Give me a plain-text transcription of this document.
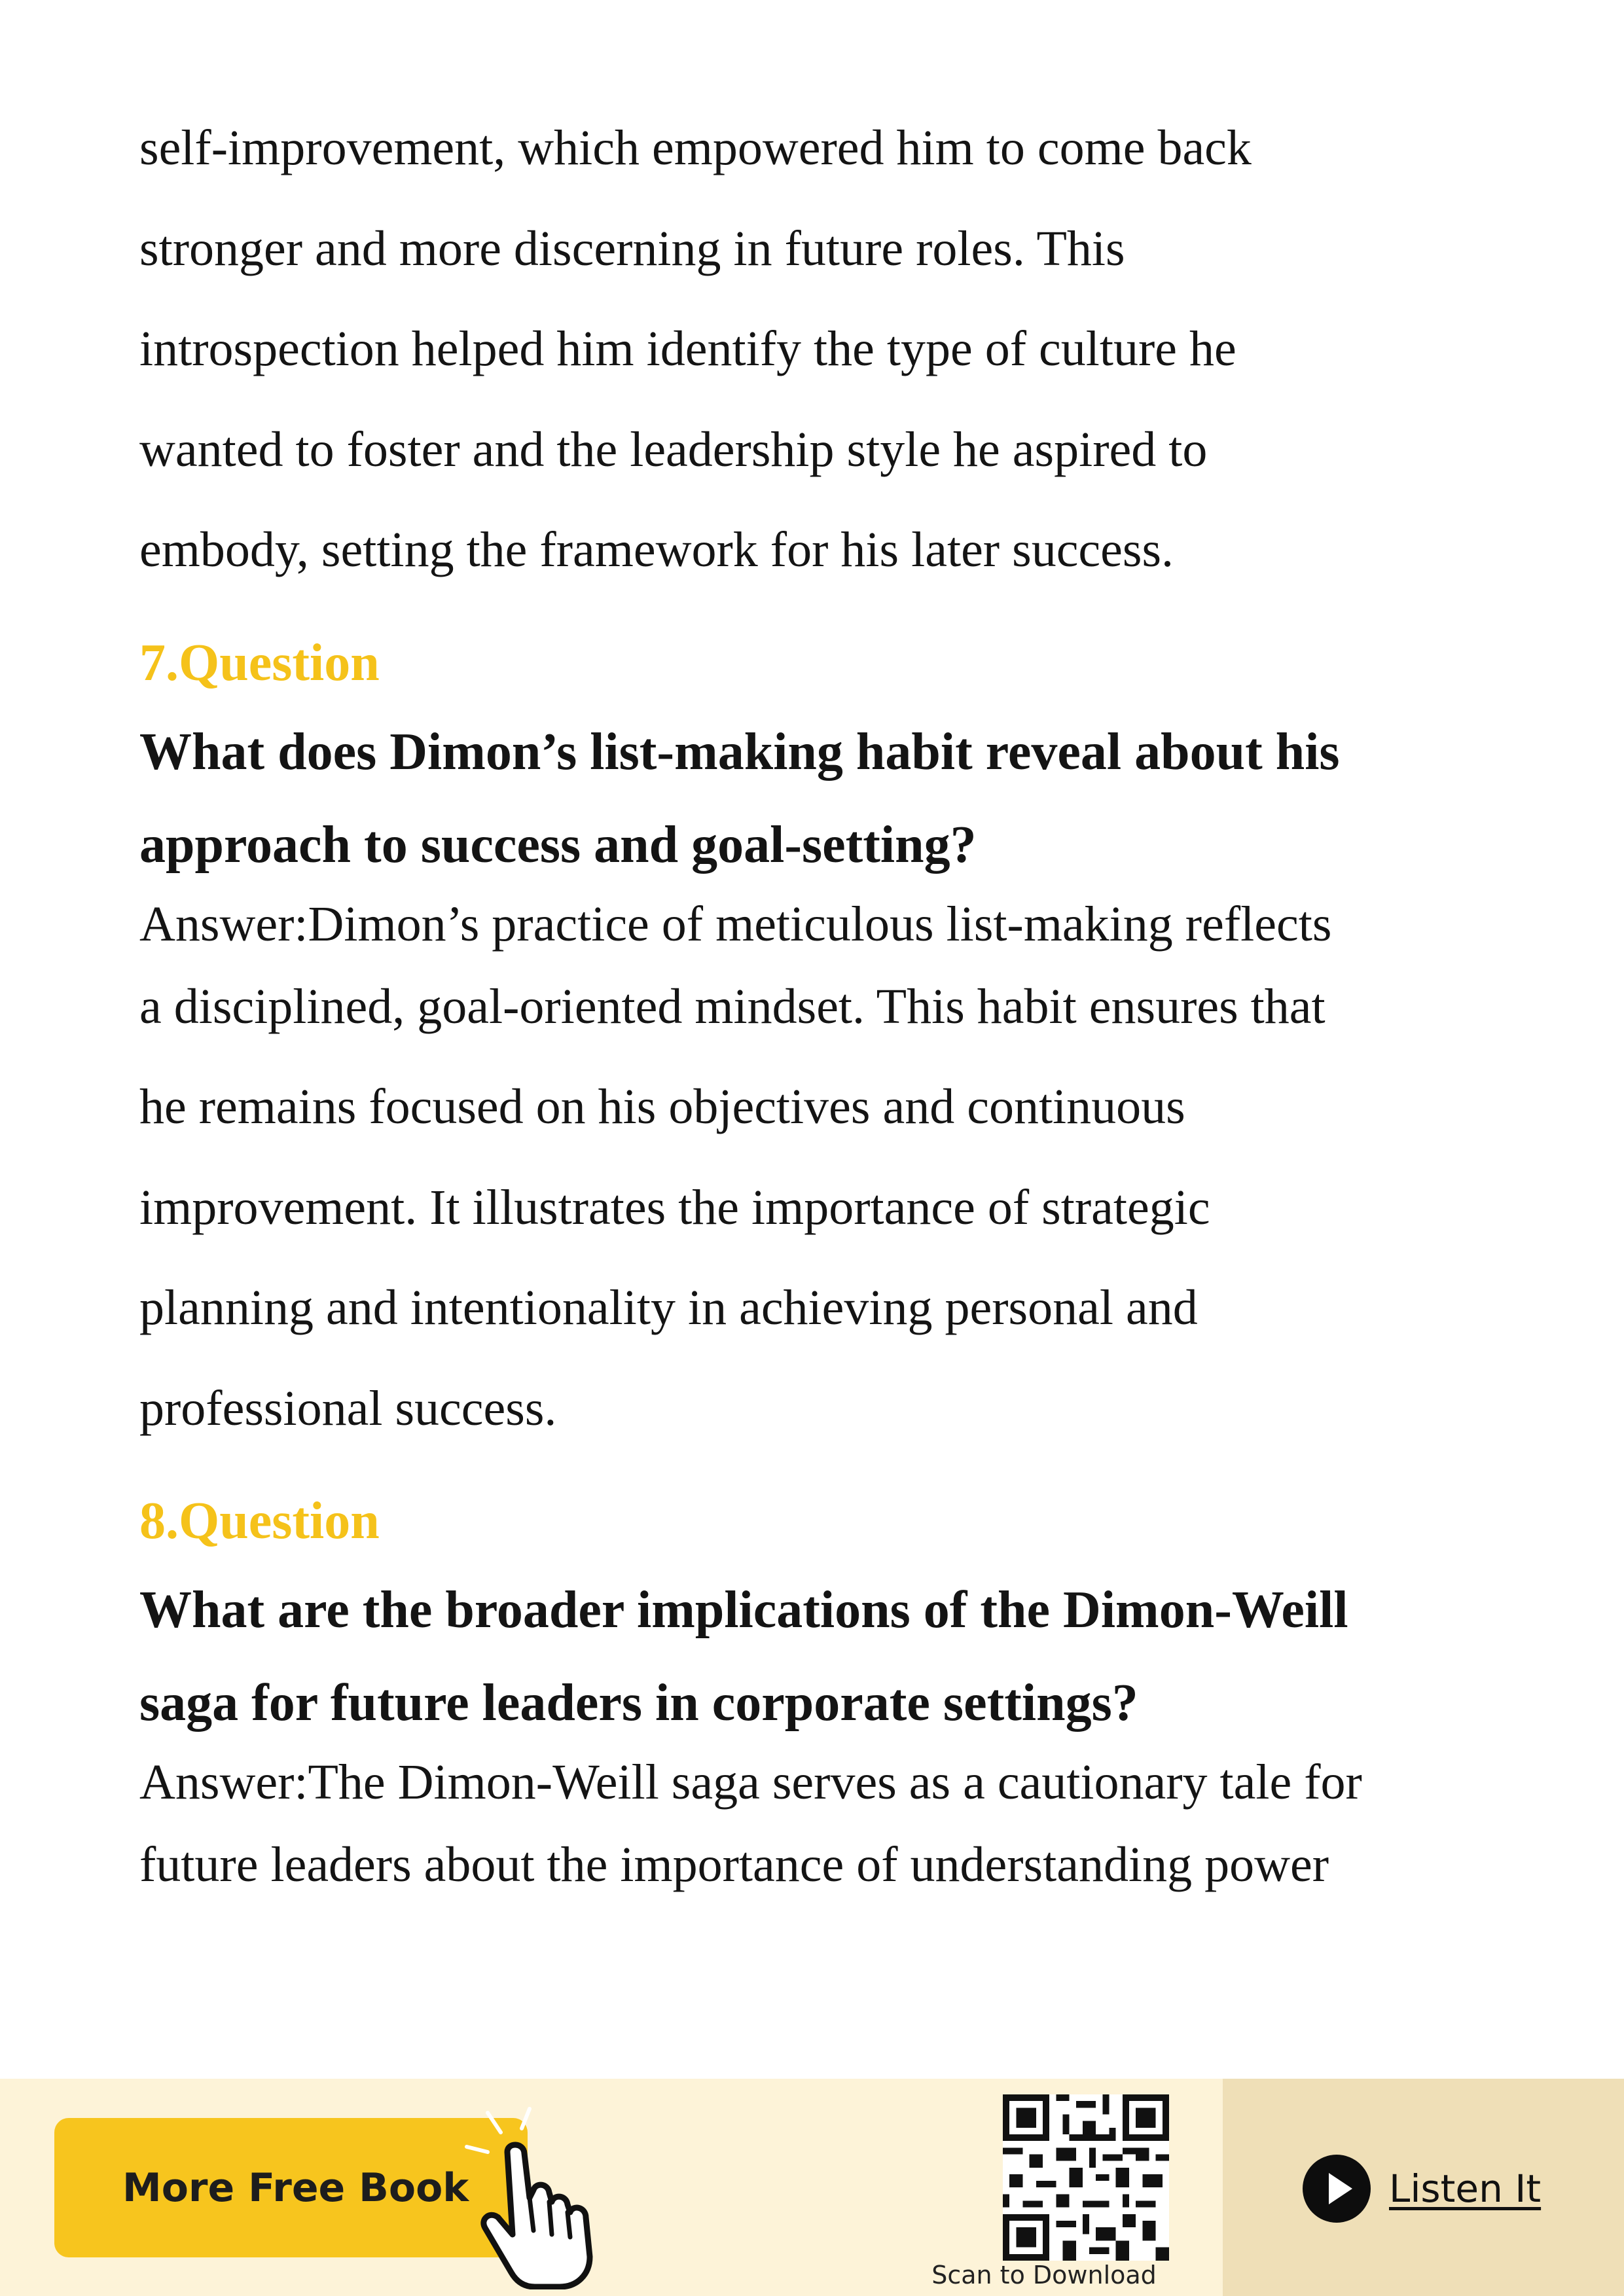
self-improvement, which empowered him to come back

stronger and more discerning in future roles. This

introspection helped him identify the type of culture he

wanted to foster and the leadership style he aspired to

embody, setting the framework for his later success.

7.Question

What does Dimon’s list-making habit reveal about his

approach to success and goal-setting?

Answer:Dimon’s practice of meticulous list-making reflects

a disciplined, goal-oriented mindset. This habit ensures that

he remains focused on his objectives and continuous

improvement. It illustrates the importance of strategic

planning and intentionality in achieving personal and

professional success.

8.Question

What are the broader implications of the Dimon-Weill

saga for future leaders in corporate settings?

Answer:The Dimon-Weill saga serves as a cautionary tale for

future leaders about the importance of understanding power

More Free Book
Scan to Download
Listen It
